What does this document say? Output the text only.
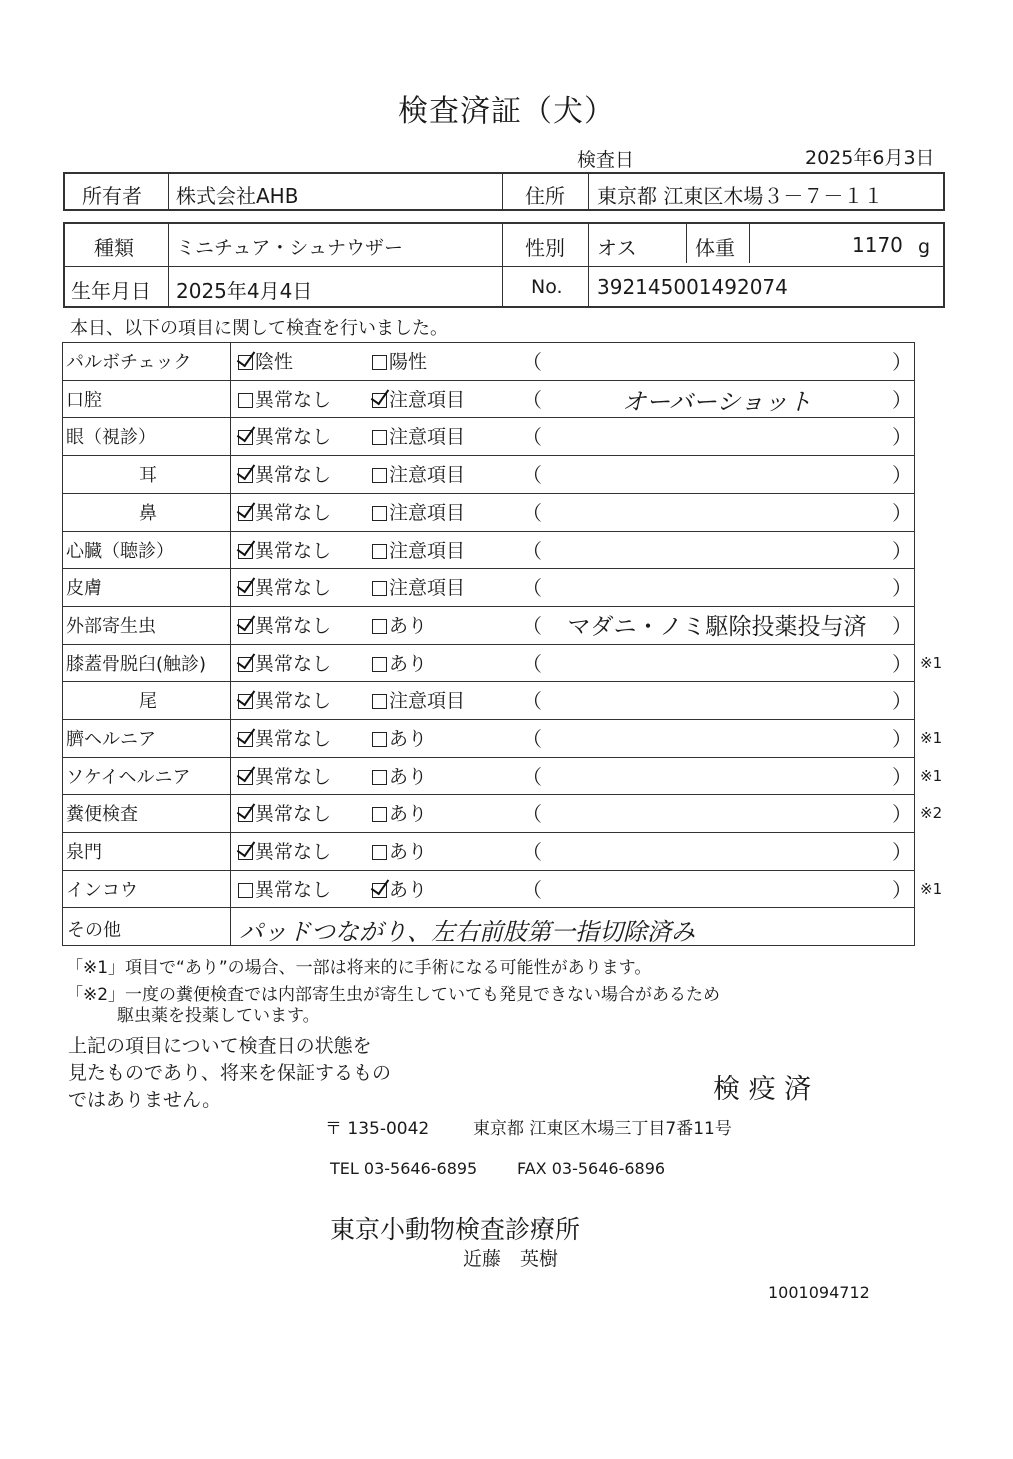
検査済証（犬）
検査日	2025年6月3日
所有者 株式会社AHB	住所 東京都 江東区木場３－７－１１
種類 ミニチュア・シュナウザー	性別 オス	体重	1170 g
生年月日 2025年4月4日	No. 392145001492074
本日、以下の項目に関して検査を行いました。
その他	パッドつながり、左右前肢第一指切除済み
パルボチェック	陰性	陽性	（	）
口腔	異常なし	注意項目	（	オーバーショット	）
眼（視診）	異常なし	注意項目	（	）
耳	異常なし	注意項目	（	）
鼻	異常なし	注意項目	（	）
心臓（聴診）	異常なし	注意項目	（	）
皮膚	異常なし	注意項目	（	）
外部寄生虫	異常なし	あり	（	マダニ・ノミ駆除投薬投与済	）
膝蓋骨脱臼(触診)	異常なし	あり	（	） ※1
尾	異常なし	注意項目	（	）
臍ヘルニア	異常なし	あり	（	） ※1
ソケイヘルニア	異常なし	あり	（	） ※1
糞便検査	異常なし	あり	（	） ※2
泉門	異常なし	あり	（	）
インコウ	異常なし	あり	（	） ※1
「※1」項目で“あり”の場合、一部は将来的に手術になる可能性があります。
「※2」一度の糞便検査では内部寄生虫が寄生していても発見できない場合があるため
駆虫薬を投薬しています。
上記の項目について検査日の状態を
見たものであり、将来を保証するもの
ではありません。	検 疫 済
〒 135-0042	東京都 江東区木場三丁目7番11号
TEL 03-5646-6895 FAX 03-5646-6896
東京小動物検査診療所
近藤　英樹
1001094712
